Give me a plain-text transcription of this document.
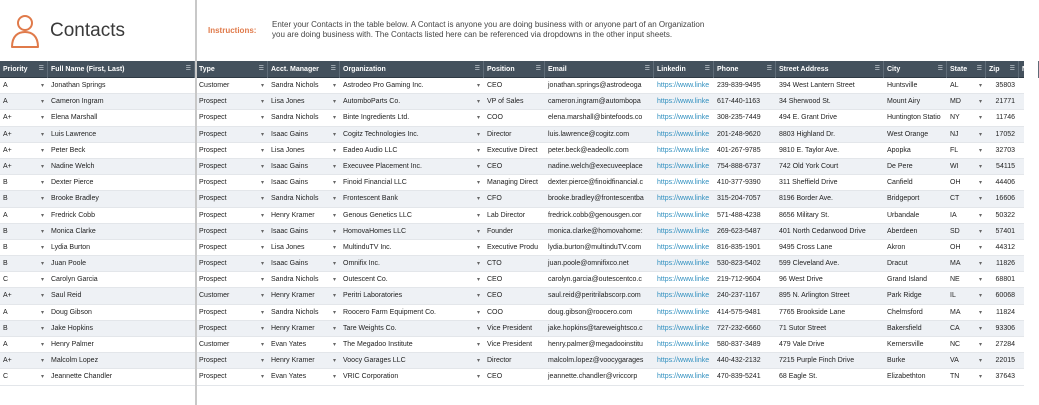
Contacts	Instructions:
Enter your Contacts in the table below. A Contact is anyone you are doing business with or anyone part of an Organization
you are doing business with. The Contacts listed here can be referenced via dropdowns in the other input sheets.
Priority ☰	Full Name (First, Last)	☰	Type	☰	Acct. Manager ☰	Organization	☰	Position	☰	Email	☰	Linkedin	☰	Phone	☰	Street Address	☰	City	☰	State ☰	Zip ☰	N
A	▾	Jonathan Springs	Customer	▾	Sandra Nichols ▾	Astrodeo Pro Gaming Inc.	▾	CEO	jonathan.springs@astrodeoga	https://www.linke	239-839-9495	394 West Lantern Street	Huntsville	AL	▾	35803
A	▾	Cameron Ingram	Prospect	▾	Lisa Jones	▾	AutomboParts Co.	▾	VP of Sales	cameron.ingram@autombopa	https://www.linke	617-440-1163	34 Sherwood St.	Mount Airy	MD	▾	21771
A+	▾	Elena Marshall	Prospect	▾	Sandra Nichols ▾	Binte Ingredients Ltd.	▾	COO	elena.marshall@bintefoods.co	https://www.linke	308-235-7449	494 E. Grant Drive	Huntington Statio	NY	▾	11746
A+	▾	Luis Lawrence	Prospect	▾	Isaac Gains	▾	Cogitz Technologies Inc.	▾	Director	luis.lawrence@cogitz.com	https://www.linke	201-248-9620	8803 Highland Dr.	West Orange	NJ	▾	17052
A+	▾	Peter Beck	Prospect	▾	Lisa Jones	▾	Eadeo Audio LLC	▾	Executive Direct	peter.beck@eadeollc.com	https://www.linke	401-267-9785	9810 E. Taylor Ave.	Apopka	FL	▾	32703
A+	▾	Nadine Welch	Prospect	▾	Isaac Gains	▾	Execuvee Placement Inc.	▾	CEO	nadine.welch@execuveeplace	https://www.linke	754-888-6737	742 Old York Court	De Pere	WI	▾	54115
B	▾	Dexter Pierce	Prospect	▾	Isaac Gains	▾	Finoid Financial LLC	▾	Managing Direct	dexter.pierce@finoidfinancial.c	https://www.linke	410-377-9390	311 Sheffield Drive	Canfield	OH	▾	44406
B	▾	Brooke Bradley	Prospect	▾	Sandra Nichols ▾	Frontescent Bank	▾	CFO	brooke.bradley@frontescentba	https://www.linke	315-204-7057	8196 Border Ave.	Bridgeport	CT	▾	16606
A	▾	Fredrick Cobb	Prospect	▾	Henry Kramer	▾	Genous Genetics LLC	▾	Lab Director	fredrick.cobb@genousgen.cor	https://www.linke	571-488-4238	8656 Military St.	Urbandale	IA	▾	50322
B	▾	Monica Clarke	Prospect	▾	Isaac Gains	▾	HomovaHomes LLC	▾	Founder	monica.clarke@homovahome:	https://www.linke	269-623-5487	401 North Cedarwood Drive	Aberdeen	SD	▾	57401
B	▾	Lydia Burton	Prospect	▾	Lisa Jones	▾	MultinduTV Inc.	▾	Executive Produ	lydia.burton@multinduTV.com	https://www.linke	816-835-1901	9495 Cross Lane	Akron	OH	▾	44312
B	▾	Juan Poole	Prospect	▾	Isaac Gains	▾	Omnifix Inc.	▾	CTO	juan.poole@omnifixco.net	https://www.linke	530-823-5402	599 Cleveland Ave.	Dracut	MA	▾	11826
C	▾	Carolyn Garcia	Prospect	▾	Sandra Nichols ▾	Outescent Co.	▾	CEO	carolyn.garcia@outescentco.c	https://www.linke	219-712-9604	96 West Drive	Grand Island	NE	▾	68801
A+	▾	Saul Reid	Customer	▾	Henry Kramer	▾	Peritri Laboratories	▾	CEO	saul.reid@peritrilabscorp.com	https://www.linke	240-237-1167	895 N. Arlington Street	Park Ridge	IL	▾	60068
A	▾	Doug Gibson	Prospect	▾	Sandra Nichols ▾	Roocero Farm Equipment Co.	▾	COO	doug.gibson@roocero.com	https://www.linke	414-575-9481	7765 Brookside Lane	Chelmsford	MA	▾	11824
B	▾	Jake Hopkins	Prospect	▾	Henry Kramer	▾	Tare Weights Co.	▾	Vice President	jake.hopkins@tareweightsco.c	https://www.linke	727-232-6660	71 Sutor Street	Bakersfield	CA	▾	93306
A	▾	Henry Palmer	Customer	▾	Evan Yates	▾	The Megadoo Institute	▾	Vice President	henry.palmer@megadooinstitu	https://www.linke	580-837-3489	479 Vale Drive	Kernersville	NC	▾	27284
A+	▾	Malcolm Lopez	Prospect	▾	Henry Kramer	▾	Voocy Garages LLC	▾	Director	malcolm.lopez@voocygarages	https://www.linke	440-432-2132	7215 Purple Finch Drive	Burke	VA	▾	22015
C	▾	Jeannette Chandler	Prospect	▾	Evan Yates	▾	VRIC Corporation	▾	CEO	jeannette.chandler@vriccorp	https://www.linke	470-839-5241	68 Eagle St.	Elizabethton	TN	▾	37643
